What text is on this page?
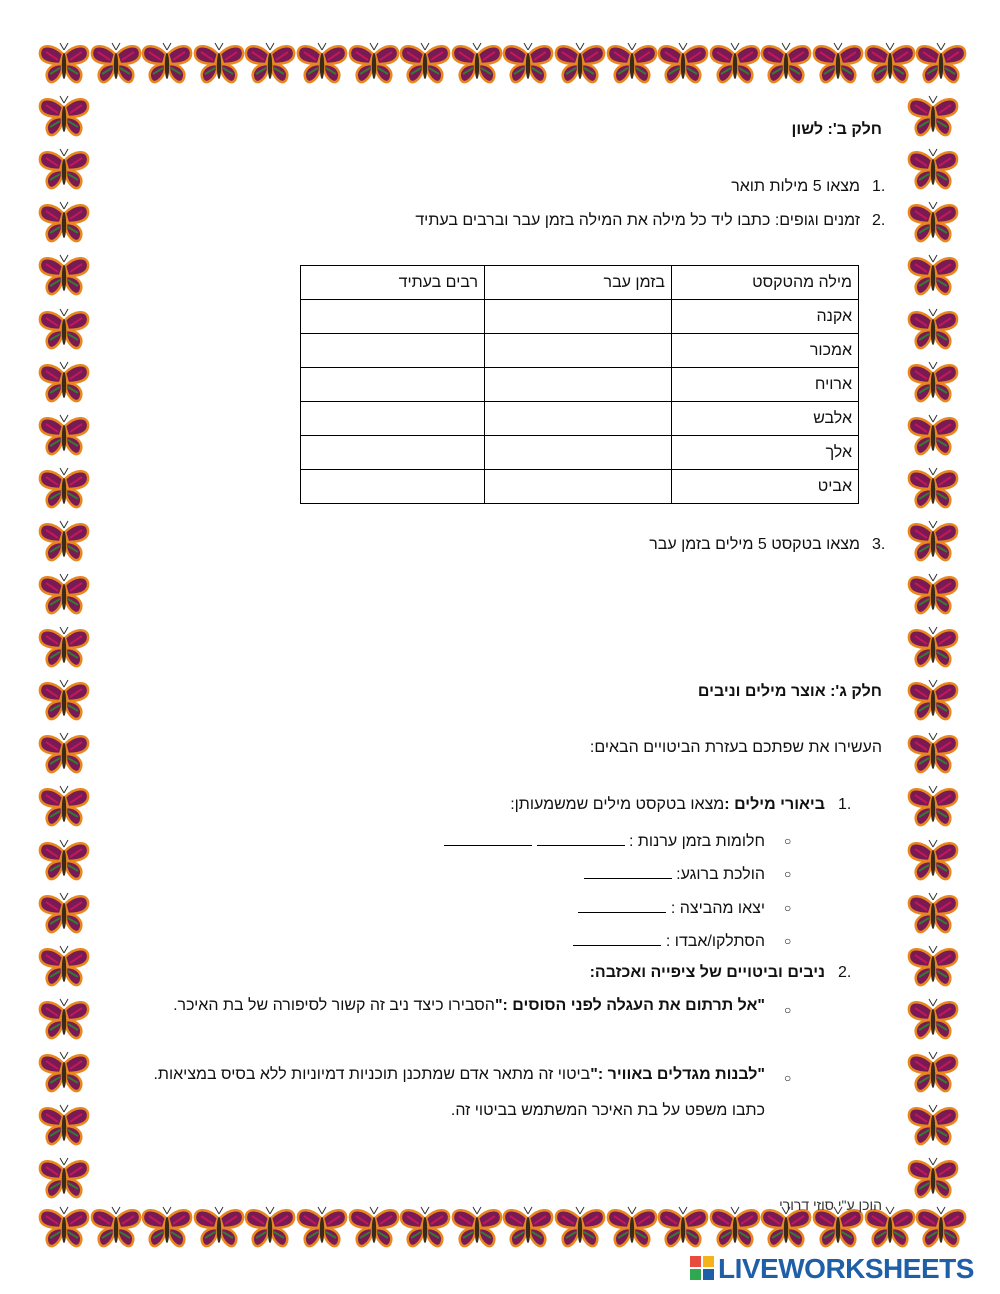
חלק ב': לשון
1.
מצאו 5 מילות תואר
2.
זמנים וגופים: כתבו ליד כל מילה את המילה בזמן עבר וברבים בעתיד
מילה מהטקסט	בזמן עבר	רבים בעתיד
אקנה		
אמכור		
ארויח		
אלבש		
אלך		
אביט		
3.
מצאו בטקסט 5 מילים בזמן עבר
חלק ג': אוצר מילים וניבים
העשירו את שפתכם בעזרת הביטויים הבאים:
1.
ביאורי מילים :מצאו בטקסט מילים שמשמעותן:
○
חלומות בזמן ערנות :
○
הולכת ברוגע:
○
יצאו מהביצה :
○
הסתלקו/אבדו :
2.
ניבים וביטויים של ציפייה ואכזבה:
○
"אל תרתום את העגלה לפני הסוסים :"הסבירו כיצד ניב זה קשור לסיפורה של בת האיכר.
○
"לבנות מגדלים באוויר :"ביטוי זה מתאר אדם שמתכנן תוכניות דמיוניות ללא בסיס במציאות. כתבו משפט על בת האיכר המשתמש בביטוי זה.
הוכן ע"י סוזי דרורי
LIVEWORKSHEETS
